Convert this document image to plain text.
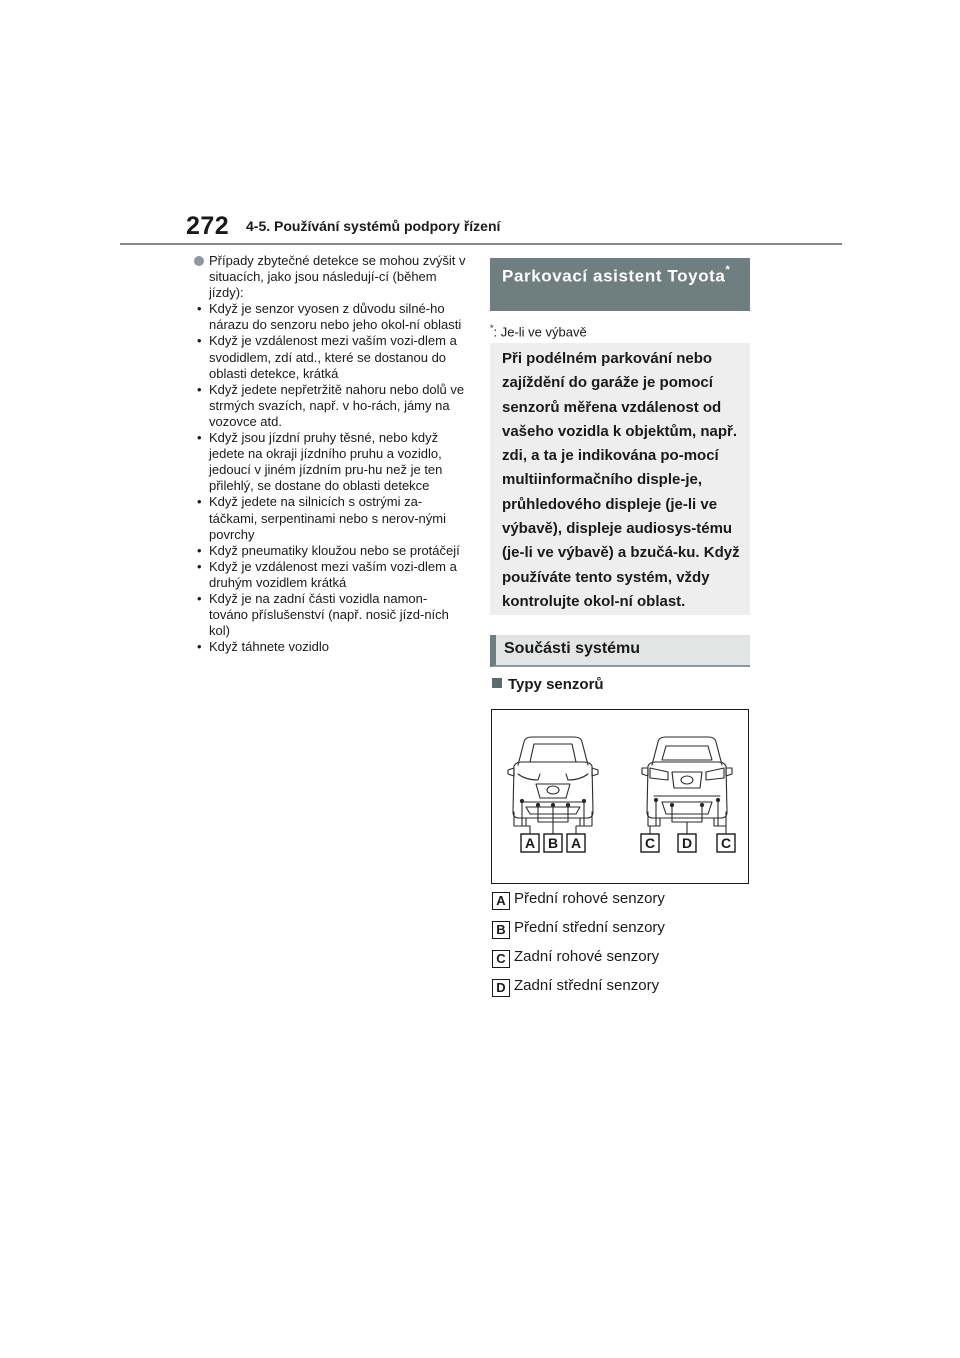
272 4-5. Používání systémů podpory řízení
Případy zbytečné detekce se mohou zvýšit v situacích, jako jsou následují-cí (během jízdy):
• Když je senzor vyosen z důvodu silné-ho nárazu do senzoru nebo jeho okol-ní oblasti
• Když je vzdálenost mezi vaším vozi-dlem a svodidlem, zdí atd., které se dostanou do oblasti detekce, krátká
• Když jedete nepřetržitě nahoru nebo dolů ve strmých svazích, např. v ho-rách, jámy na vozovce atd.
• Když jsou jízdní pruhy těsné, nebo když jedete na okraji jízdního pruhu a vozidlo, jedoucí v jiném jízdním pru-hu než je ten přilehlý, se dostane do oblasti detekce
• Když jedete na silnicích s ostrými za-táčkami, serpentinami nebo s nerov-nými povrchy
• Když pneumatiky kloužou nebo se protáčejí
• Když je vzdálenost mezi vaším vozi-dlem a druhým vozidlem krátká
• Když je na zadní části vozidla namon-továno příslušenství (např. nosič jízd-ních kol)
• Když táhnete vozidlo
Parkovací asistent Toyota*
*: Je-li ve výbavě
Při podélném parkování nebo zajíždění do garáže je pomocí senzorů měřena vzdálenost od vašeho vozidla k objektům, např. zdi, a ta je indikována po-mocí multiinformačního disple-je, průhledového displeje (je-li ve výbavě), displeje audiosys-tému (je-li ve výbavě) a bzučá-ku. Když používáte tento systém, vždy kontrolujte okol-ní oblast.
Součásti systému
Typy senzorů
A B A	C D C
A Přední rohové senzory
B Přední střední senzory
C Zadní rohové senzory
D Zadní střední senzory
